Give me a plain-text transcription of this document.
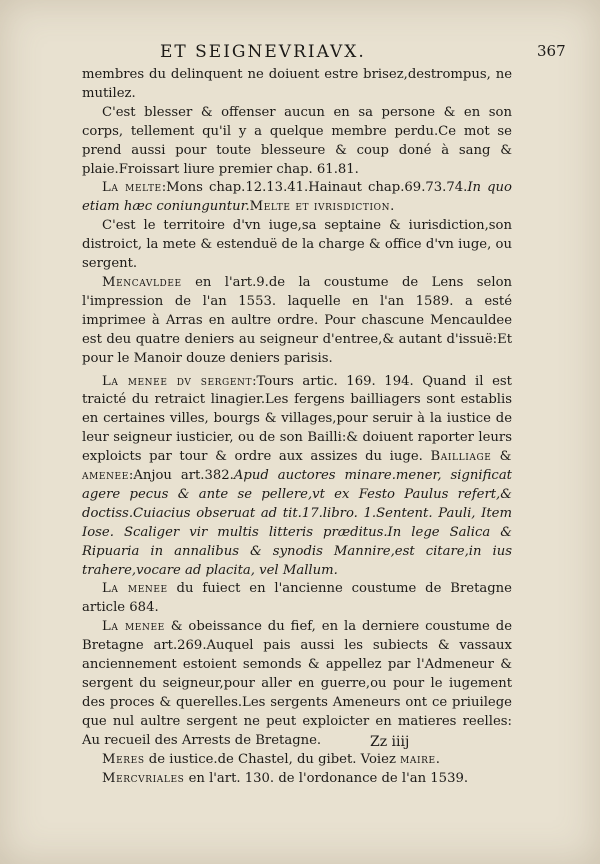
ET SEIGNEVRIAVX.	367

membres du delinquent ne doiuent estre brisez,destrompus, ne mutilez.

C'est blesser & offenser aucun en sa persone & en son corps, tellement qu'il y a quelque membre perdu.Ce mot se prend aussi pour toute blesseure & coup doné à sang & plaie.Froissart liure premier chap. 61.81.

La melte:Mons chap.12.13.41.Hainaut chap.69.73.74.In quo etiam hæc coniunguntur.Melte et ivrisdiction.

C'est le territoire d'vn iuge,sa septaine & iurisdiction,son distroict, la mete & estenduë de la charge & office d'vn iuge, ou sergent.

Mencavldee en l'art.9.de la coustume de Lens selon l'impression de l'an 1553. laquelle en l'an 1589. a esté imprimee à Arras en aultre ordre. Pour chascune Mencauldee est deu quatre deniers au seigneur d'entree,& autant d'issuë:Et pour le Manoir douze deniers parisis.

La menee dv sergent:Tours artic. 169. 194. Quand il est traicté du retraict linagier.Les fergens bailliagers sont establis en certaines villes, bourgs & villages,pour seruir à la iustice de leur seigneur iusticier, ou de son Bailli:& doiuent raporter leurs exploicts par tour & ordre aux assizes du iuge. Bailliage & amenee:Anjou art.382.Apud auctores minare.mener, significat agere pecus & ante se pellere,vt ex Festo Paulus refert,& doctiss.Cuiacius obseruat ad tit.17.libro. 1.Sentent. Pauli, Item Iose. Scaliger vir multis litteris præditus.In lege Salica & Ripuaria in annalibus & synodis Mannire,est citare,in ius trahere,vocare ad placita, vel Mallum.

La menee du fuiect en l'ancienne coustume de Bretagne article 684.

La menee & obeissance du fief, en la derniere coustume de Bretagne art.269.Auquel pais aussi les subiects & vassaux anciennement estoient semonds & appellez par l'Admeneur & sergent du seigneur,pour aller en guerre,ou pour le iugement des proces & querelles.Les sergents Ameneurs ont ce priuilege que nul aultre sergent ne peut exploicter en matieres reelles: Au recueil des Arrests de Bretagne.

Meres de iustice.de Chastel, du gibet. Voiez maire.

Mercvriales en l'art. 130. de l'ordonance de l'an 1539.

Zz iiij
